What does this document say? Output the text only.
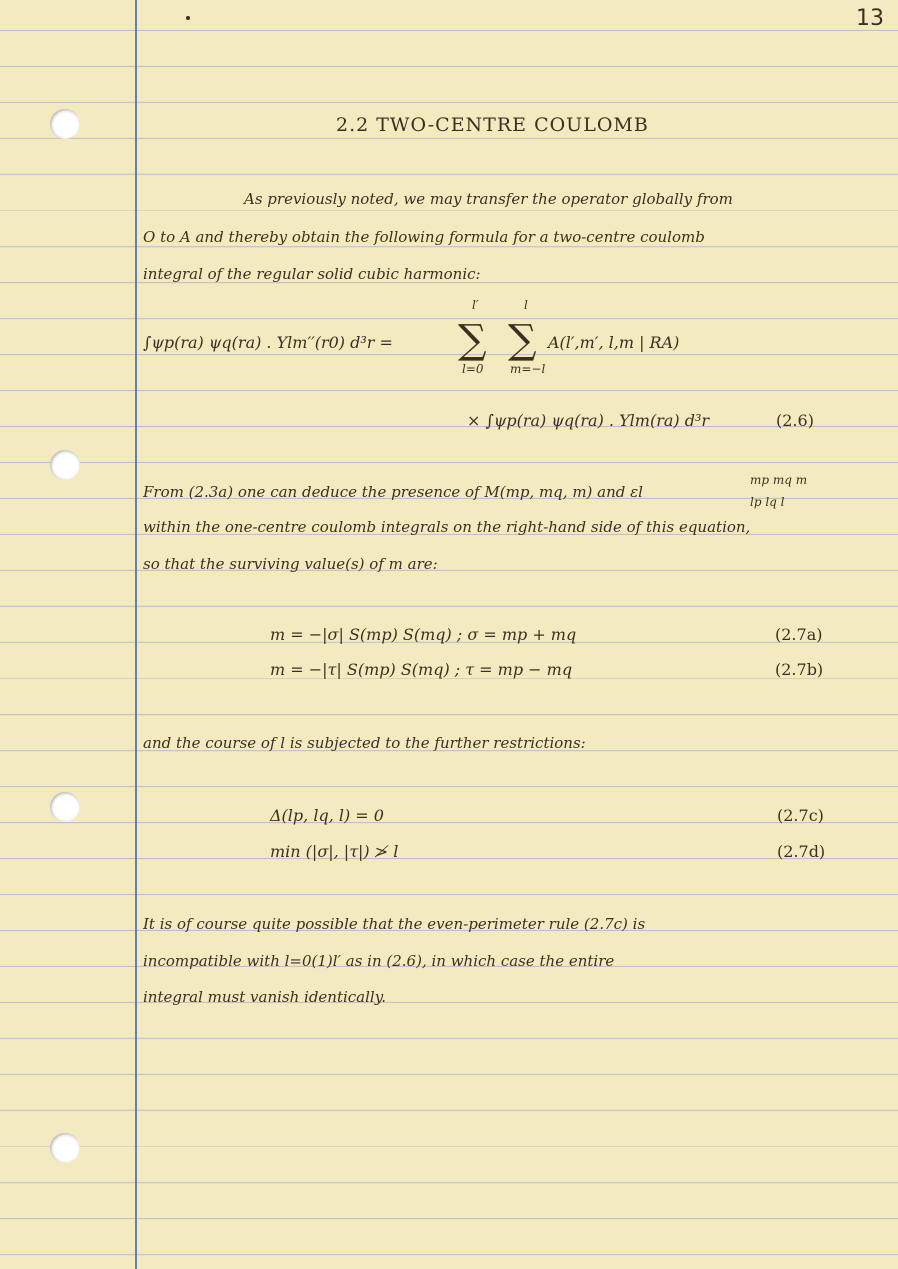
13
2.2 TWO-CENTRE COULOMB
As previously noted, we may transfer the operator globally from
O to A and thereby obtain the following formula for a two-centre coulomb
integral of the regular solid cubic harmonic:
∫ψp(ra) ψq(ra) . Ylm′′(r0) d³r =
l′
∑
l=0
l
∑
m=−l
A(l′,m′, l,m | RA)
× ∫ψp(ra) ψq(ra) . Ylm(ra) d³r	(2.6)
From (2.3a) one can deduce the presence of M(mp, mq, m) and εl
mp mq m
lp lq l
within the one-centre coulomb integrals on the right-hand side of this equation,
so that the surviving value(s) of m are:
m = −|σ| S(mp) S(mq) ; σ = mp + mq	(2.7a)
m = −|τ| S(mp) S(mq) ; τ = mp − mq	(2.7b)
and the course of l is subjected to the further restrictions:
Δ(lp, lq, l) = 0	(2.7c)
min (|σ|, |τ|) ≯ l	(2.7d)
It is of course quite possible that the even-perimeter rule (2.7c) is
incompatible with l=0(1)l′ as in (2.6), in which case the entire
integral must vanish identically.
